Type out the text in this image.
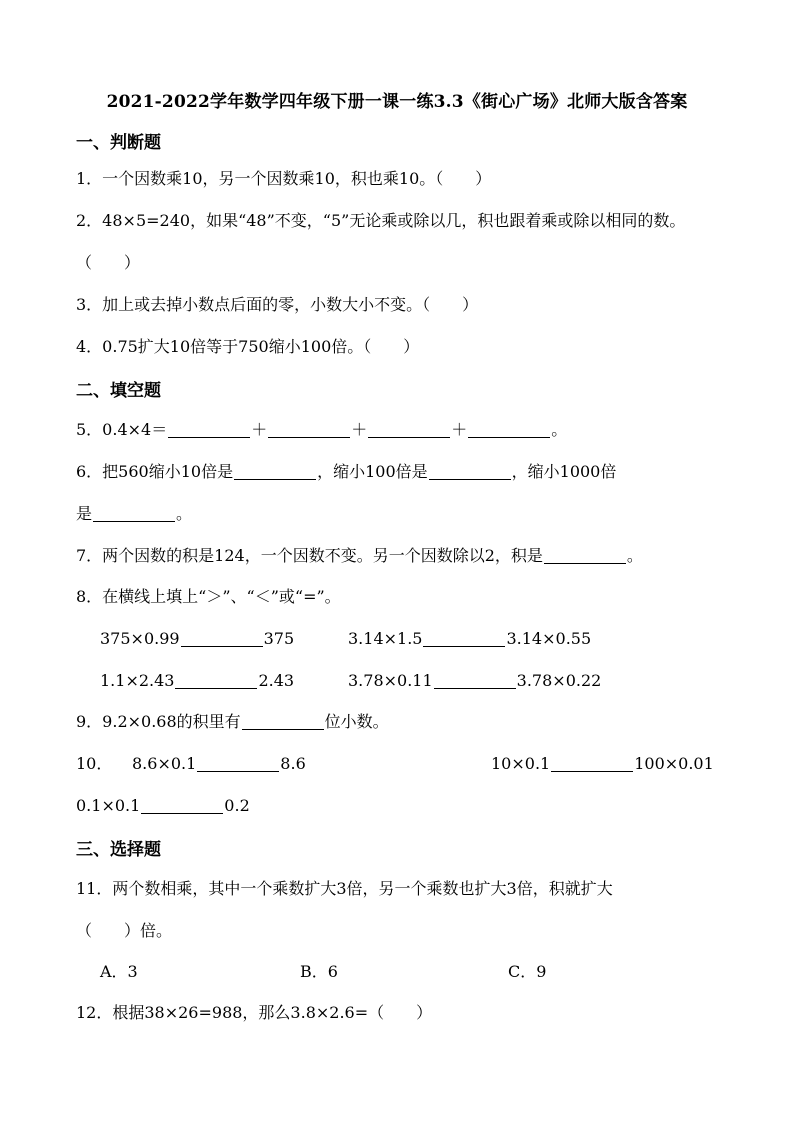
2021-2022学年数学四年级下册一课一练3.3《街心广场》北师大版含答案
一、判断题
1．一个因数乘10，另一个因数乘10，积也乘10。（　　）
2．48×5=240，如果“48”不变，“5”无论乘或除以几，积也跟着乘或除以相同的数。
（　　）
3．加上或去掉小数点后面的零，小数大小不变。（　　）
4．0.75扩大10倍等于750缩小100倍。（　　）
二、填空题
5．0.4×4＝	＋	＋	＋	。
6．把560缩小10倍是	，缩小100倍是	，缩小1000倍
是	。
7．两个因数的积是124，一个因数不变。另一个因数除以2，积是	。
8．在横线上填上“＞”、“＜”或“=”。
375×0.99	375	3.14×1.5	3.14×0.55
1.1×2.43	2.43	3.78×0.11	3.78×0.22
9．9.2×0.68的积里有	位小数。
10． 8.6×0.1	8.6	10×0.1	100×0.01
0.1×0.1	0.2
三、选择题
11．两个数相乘，其中一个乘数扩大3倍，另一个乘数也扩大3倍，积就扩大
（　　）倍。
A．3	B．6	C．9
12．根据38×26=988，那么3.8×2.6=（　　）
